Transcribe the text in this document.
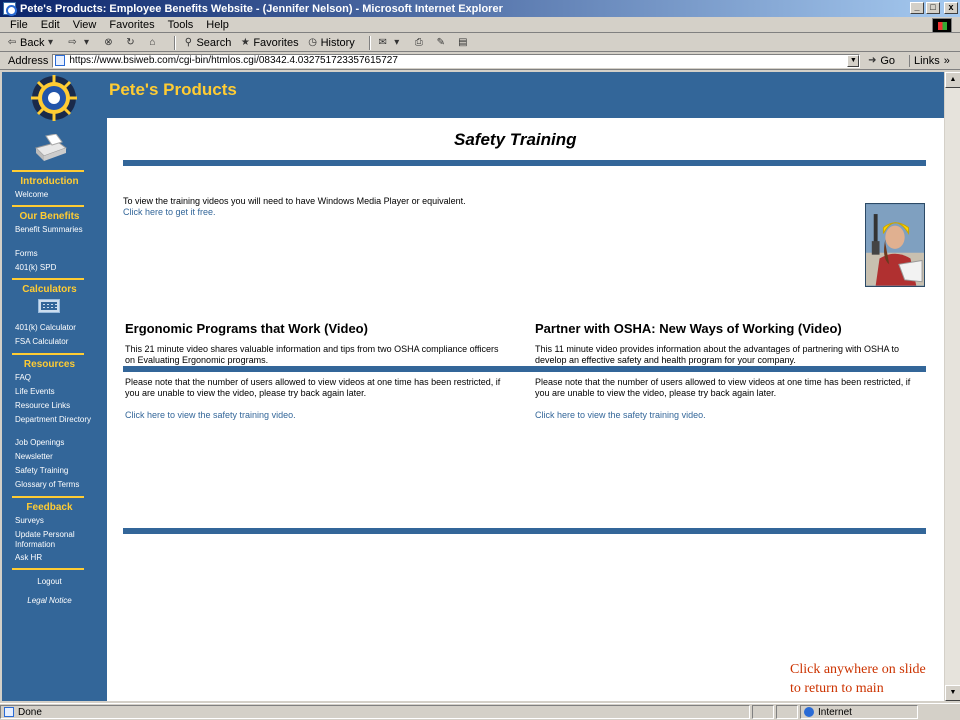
Pete's Products: Employee Benefits Website - (Jennifer Nelson) - Microsoft Internet Explorer	_	□	x
File Edit View Favorites Tools Help
⇦ Back ▾	⇨ ▾	⊗ ↻ ⌂	⚲ Search ★ Favorites ◷ History ✉ ▾	⎙ ✎ ▤
Address https://www.bsiweb.com/cgi-bin/htmlos.cgi/08342.4.032751723357615727	▼ ➜ Go	Links »
Introduction
Welcome
Our Benefits
Benefit Summaries
Forms
401(k) SPD
Calculators
401(k) Calculator
FSA Calculator
Resources
FAQ
Life Events
Resource Links
Department Directory
Job Openings
Newsletter
Safety Training
Glossary of Terms
Feedback
Surveys
Update Personal Information
Ask HR
Logout
Legal Notice
Pete's Products
Safety Training
To view the training videos you will need to have Windows Media Player or equivalent.
Click here to get it free.
Ergonomic Programs that Work (Video)

This 21 minute video shares valuable information and tips from two OSHA compliance officers on Evaluating Ergonomic programs.

Please note that the number of users allowed to view videos at one time has been restricted, if you are unable to view the video, please try back again later.

Click here to view the safety training video.

Partner with OSHA: New Ways of Working (Video)

This 11 minute video provides information about the advantages of partnering with OSHA to develop an effective safety and health program for your company.

Please note that the number of users allowed to view videos at one time has been restricted, if you are unable to view the video, please try back again later.

Click here to view the safety training video.

Click anywhere on slide to return to main
▲
▼
Done	Internet
